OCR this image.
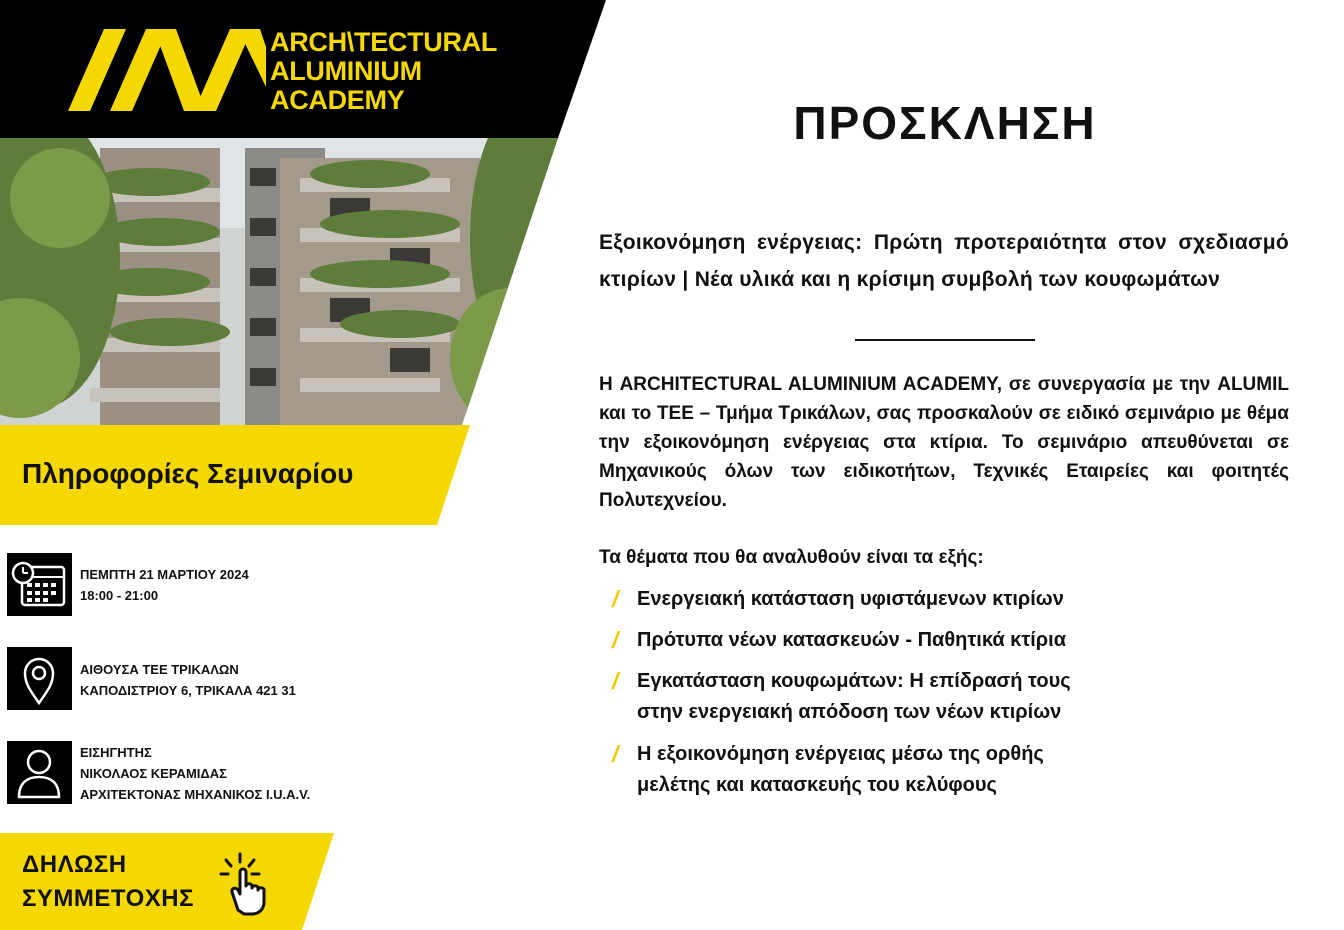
ARCH\TECTURAL
ALUMINIUM
ACADEMY
Πληροφορίες Σεμιναρίου
ΠΕΜΠΤΗ 21 ΜΑΡΤΙΟΥ 2024
18:00 - 21:00
ΑΙΘΟΥΣΑ ΤΕΕ ΤΡΙΚΑΛΩΝ
ΚΑΠΟΔΙΣΤΡΙΟΥ 6, ΤΡΙΚΑΛΑ 421 31
ΕΙΣΗΓΗΤΗΣ
ΝΙΚΟΛΑΟΣ ΚΕΡΑΜΙΔΑΣ
ΑΡΧΙΤΕΚΤΟΝΑΣ ΜΗΧΑΝΙΚΟΣ I.U.A.V.
ΔΗΛΩΣΗ
ΣΥΜΜΕΤΟΧΗΣ
ΠΡΟΣΚΛΗΣΗ
Εξοικονόμηση ενέργειας: Πρώτη προτεραιότητα στον σχεδιασμό κτιρίων | Νέα υλικά και η κρίσιμη συμβολή των κουφωμάτων
Η ARCHITECTURAL ALUMINIUM ACADEMY, σε συνεργασία με την ALUMIL και το ΤΕΕ – Τμήμα Τρικάλων, σας προσκαλούν σε ειδικό σεμινάριο με θέμα την εξοικονόμηση ενέργειας στα κτίρια. Το σεμινάριο απευθύνεται σε Μηχανικούς όλων των ειδικοτήτων, Τεχνικές Εταιρείες και φοιτητές Πολυτεχνείου.
Τα θέματα που θα αναλυθούν είναι τα εξής:
/ Ενεργειακή κατάσταση υφιστάμενων κτιρίων
/ Πρότυπα νέων κατασκευών - Παθητικά κτίρια
/ Εγκατάσταση κουφωμάτων: Η επίδρασή τους
στην ενεργειακή απόδοση των νέων κτιρίων
/ Η εξοικονόμηση ενέργειας μέσω της ορθής
μελέτης και κατασκευής του κελύφους
